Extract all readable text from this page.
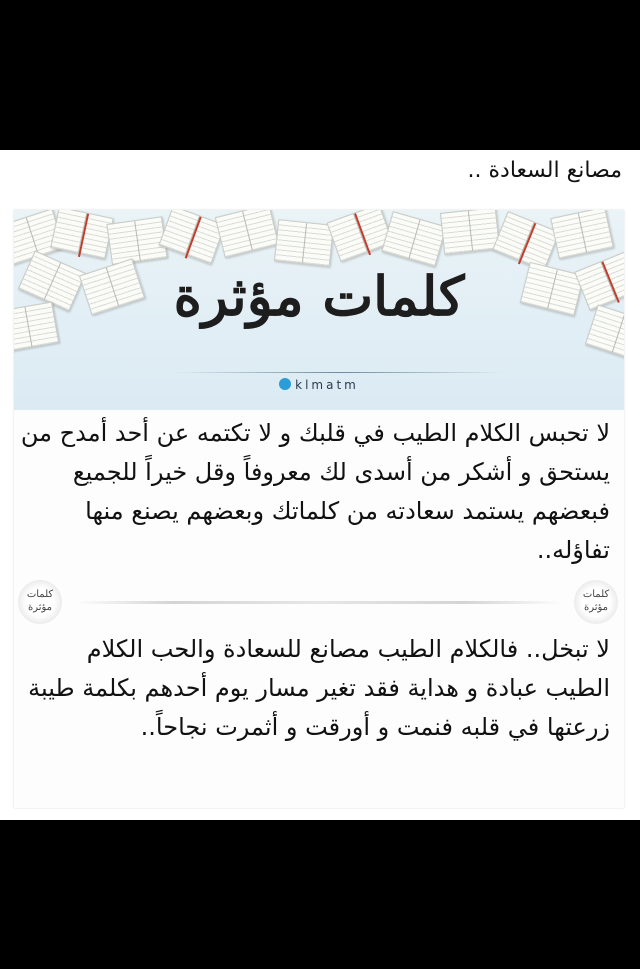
مصانع السعادة ..
كلمات مؤثرة
klmatm

لا تحبس الكلام الطيب في قلبك و لا تكتمه عن أحد أمدح من يستحق و أشكر من أسدى لك معروفاً وقل خيراً للجميع فبعضهم يستمد سعادته من كلماتك وبعضهم يصنع منها تفاؤله..

كلمات مؤثرة
كلمات مؤثرة

لا تبخل.. فالكلام الطيب مصانع للسعادة والحب الكلام الطيب عبادة و هداية فقد تغير مسار يوم أحدهم بكلمة طيبة زرعتها في قلبه فنمت و أورقت و أثمرت نجاحاً..
